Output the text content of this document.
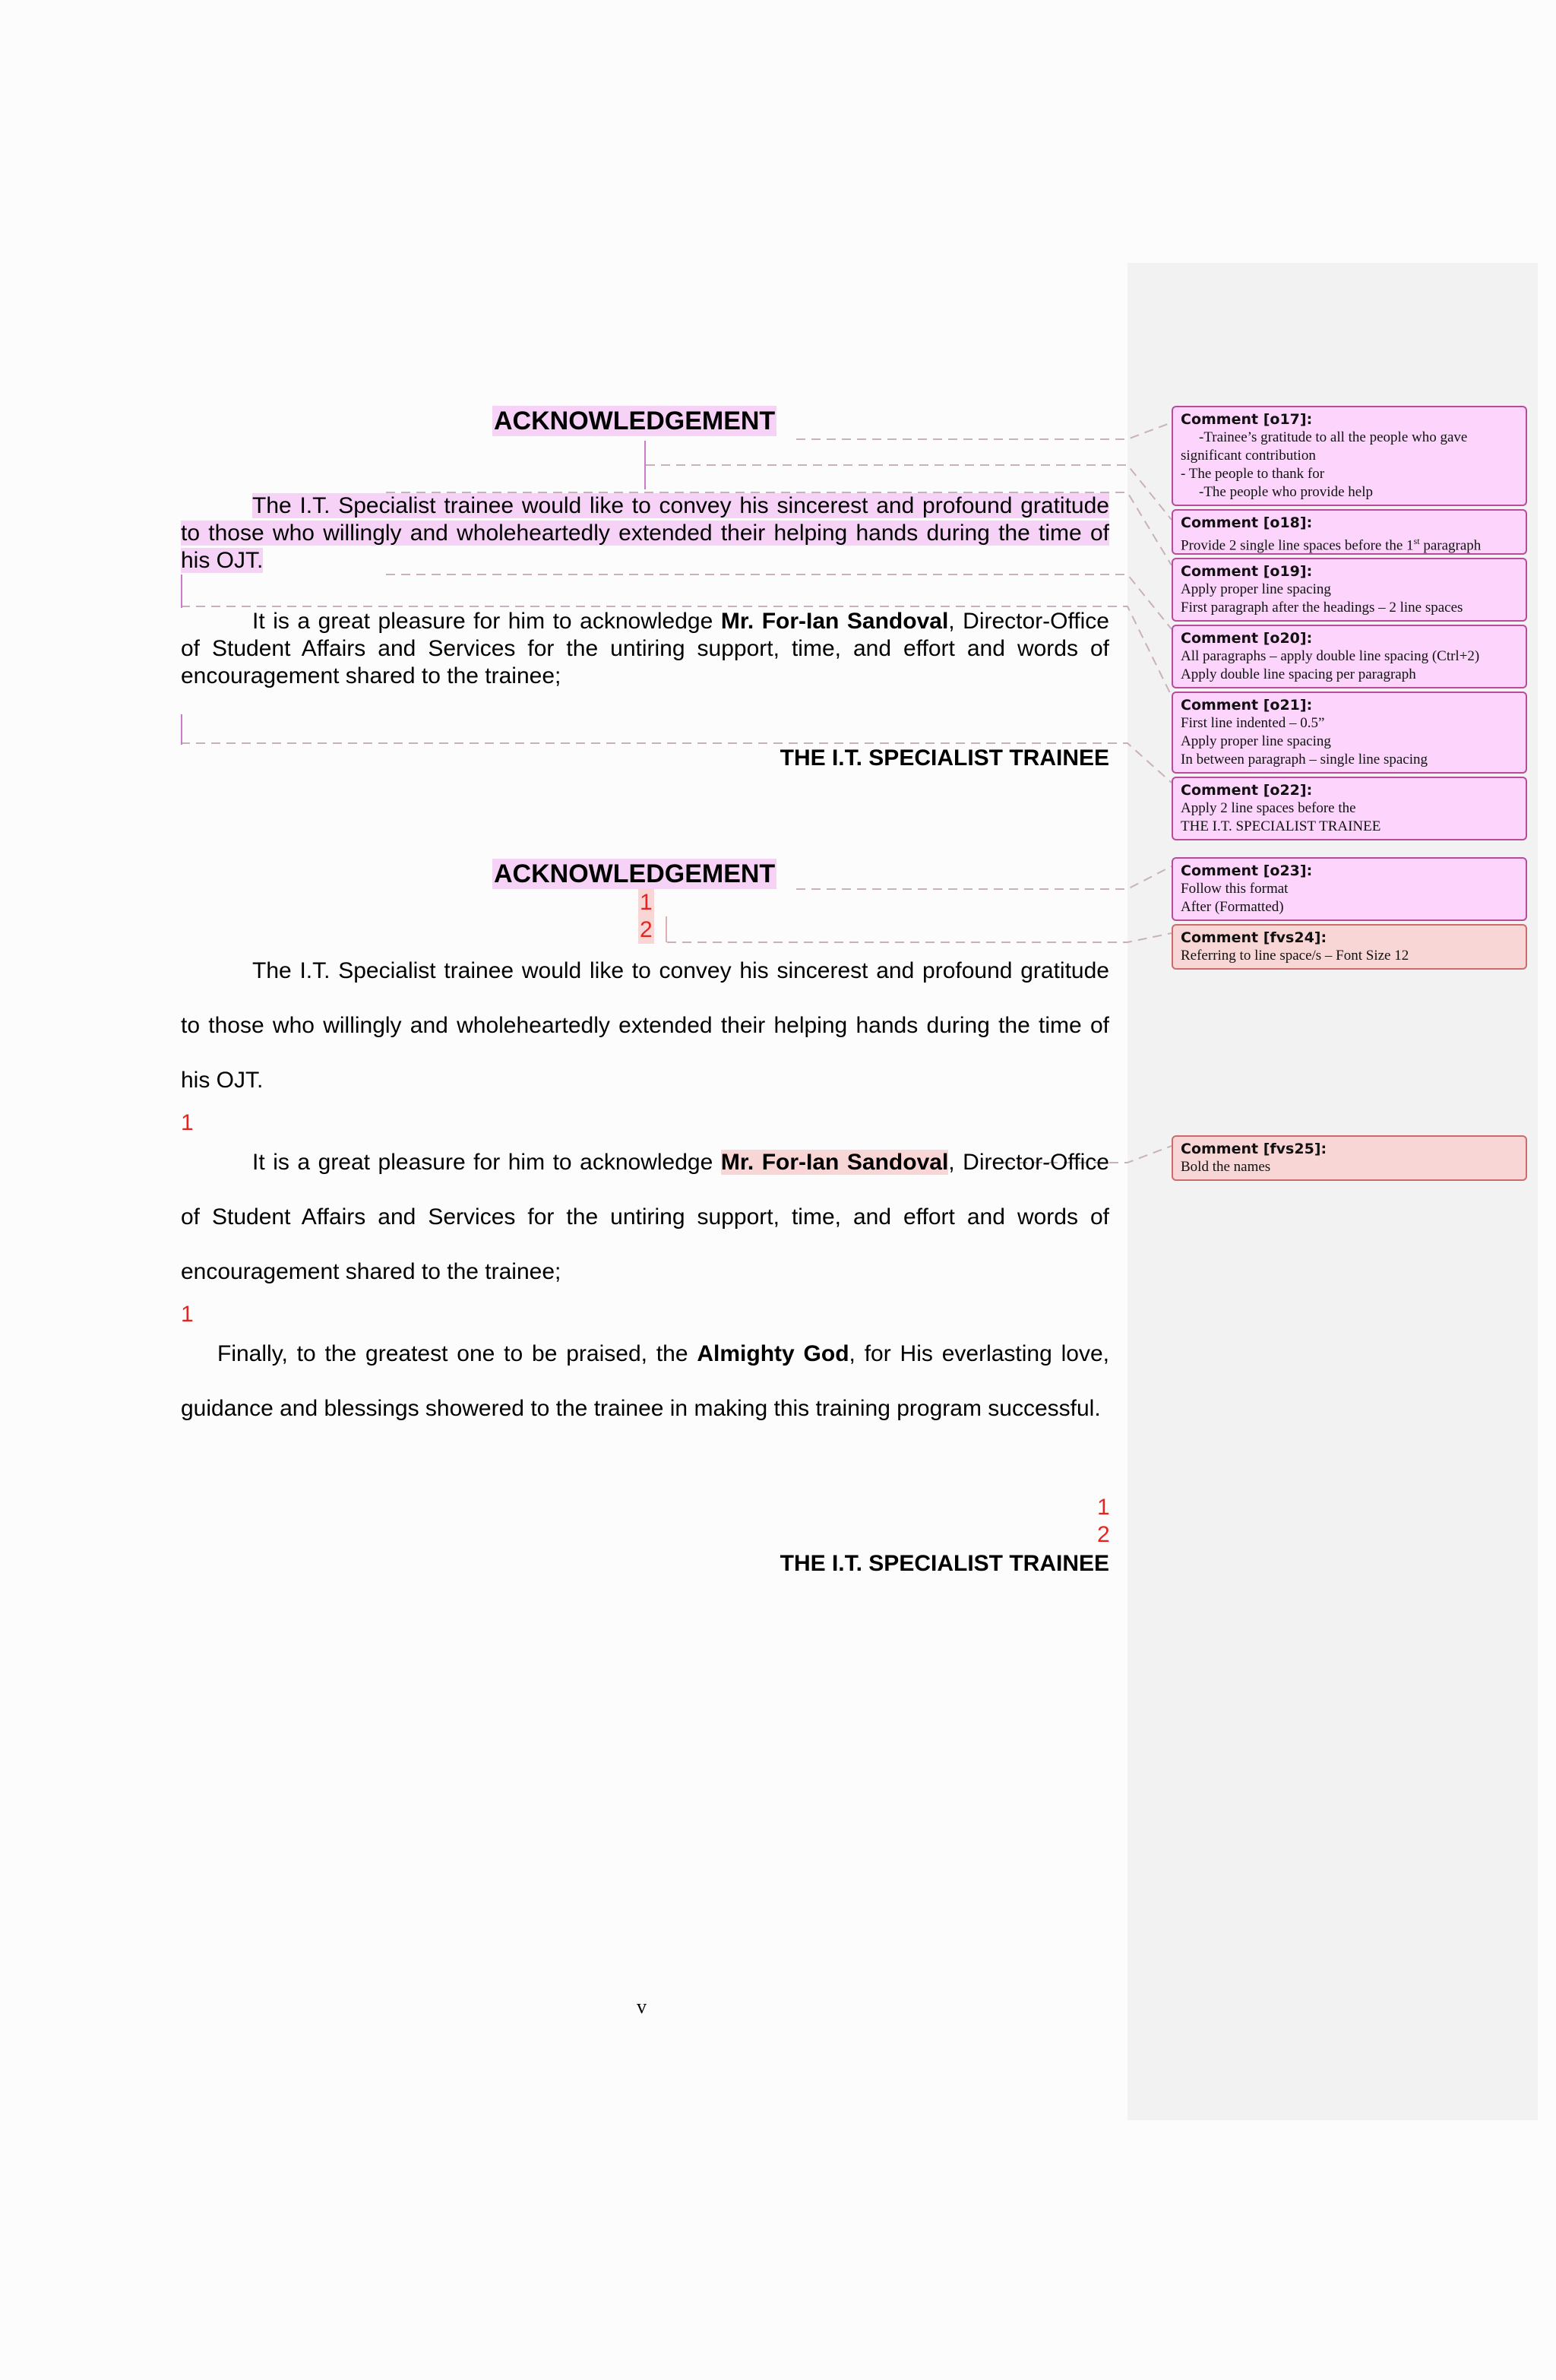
ACKNOWLEDGEMENT
The I.T. Specialist trainee would like to convey his sincerest and profound gratitude to those who willingly and wholeheartedly extended their helping hands during the time of his OJT.
It is a great pleasure for him to acknowledge Mr. For-Ian Sandoval, Director-Office of Student Affairs and Services for the untiring support, time, and effort and words of encouragement shared to the trainee;
THE I.T. SPECIALIST TRAINEE
ACKNOWLEDGEMENT
1
2
The I.T. Specialist trainee would like to convey his sincerest and profound gratitude to those who willingly and wholeheartedly extended their helping hands during the time of his OJT.
1
It is a great pleasure for him to acknowledge Mr. For-Ian Sandoval, Director-Office of Student Affairs and Services for the untiring support, time, and effort and words of encouragement shared to the trainee;
1
Finally, to the greatest one to be praised, the Almighty God, for His everlasting love, guidance and blessings showered to the trainee in making this training program successful.
1
2
THE I.T. SPECIALIST TRAINEE
v
Comment [o17]:
-Trainee’s gratitude to all the people who gave
significant contribution
- The people to thank for
-The people who provide help
Comment [o18]:
Provide 2 single line spaces before the 1st paragraph
Comment [o19]:
Apply proper line spacing
First paragraph after the headings – 2 line spaces
Comment [o20]:
All paragraphs – apply double line spacing (Ctrl+2)
Apply double line spacing per paragraph
Comment [o21]:
First line indented – 0.5”
Apply proper line spacing
In between paragraph – single line spacing
Comment [o22]:
Apply 2 line spaces before the
THE I.T. SPECIALIST TRAINEE
Comment [o23]:
Follow this format
After (Formatted)
Comment [fvs24]:
Referring to line space/s – Font Size 12
Comment [fvs25]:
Bold the names
